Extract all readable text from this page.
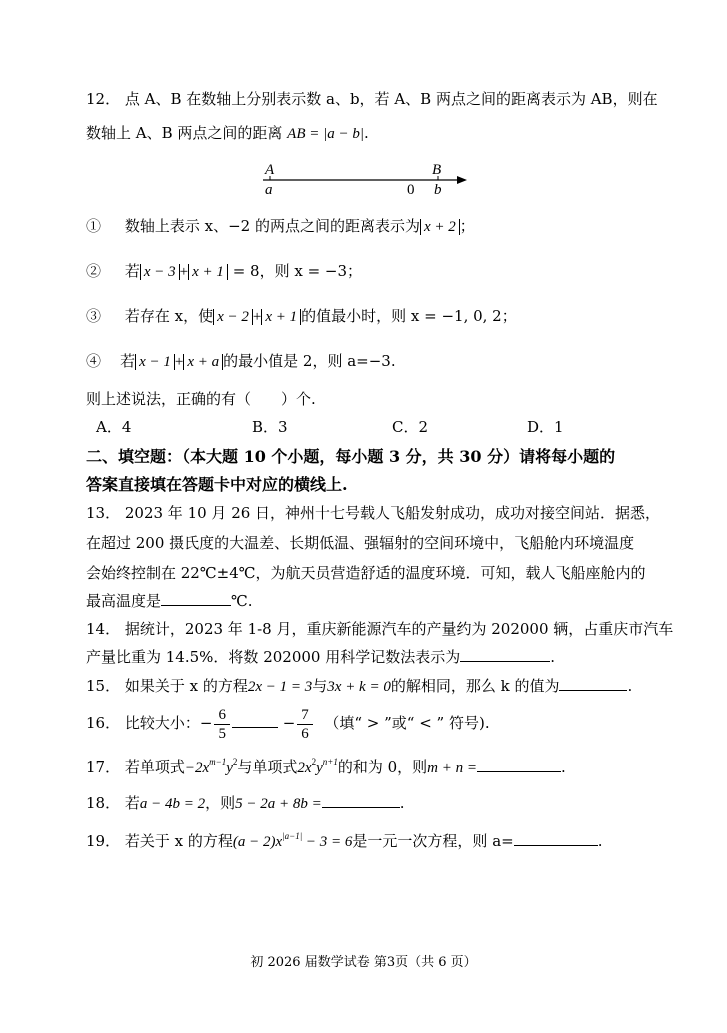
12． 点 A、B 在数轴上分别表示数 a、b，若 A、B 两点之间的距离表示为 AB，则在
数轴上 A、B 两点之间的距离 AB = |a − b|.
A
a
B
b
0
① 数轴上表示 x、−2 的两点之间的距离表示为 x + 2 ；
② 若 x − 3 + x + 1 = 8，则 x = −3；
③ 若存在 x，使 x − 2 + x + 1 的值最小时，则 x = −1, 0, 2；
④ 若 x − 1 + x + a 的最小值是 2，则 a=−3.
则上述说法，正确的有（　　）个.
A．4	B．3	C．2	D．1
二、填空题：（本大题 10 个小题，每小题 3 分，共 30 分）请将每小题的
答案直接填在答题卡中对应的横线上.
13． 2023 年 10 月 26 日，神州十七号载人飞船发射成功，成功对接空间站．据悉，
在超过 200 摄氏度的大温差、长期低温、强辐射的空间环境中，飞船舱内环境温度
会始终控制在 22℃±4℃，为航天员营造舒适的温度环境．可知，载人飞船座舱内的
最高温度是	℃.
14． 据统计，2023 年 1-8 月，重庆新能源汽车的产量约为 202000 辆，占重庆市汽车
产量比重为 14.5%．将数 202000 用科学记数法表示为	.
15． 如果关于 x 的方程2x − 1 = 3与3x + k = 0的解相同，那么 k 的值为	.
16． 比较大小：− $\frac{6}{5}$	− $\frac{7}{6}$ （填“ > ”或“ < ” 符号).
17． 若单项式$-2x^{m-1}y^2$与单项式$2x^2y^{n+1}$的和为 0，则m + n =	.
18． 若a − 4b = 2，则5 − 2a + 8b =	.
19． 若关于 x 的方程$(a - 2)x^{|a-1|} - 3 = 6$是一元一次方程，则 a=	.
初 2026 届数学试卷 第3页（共 6 页）
